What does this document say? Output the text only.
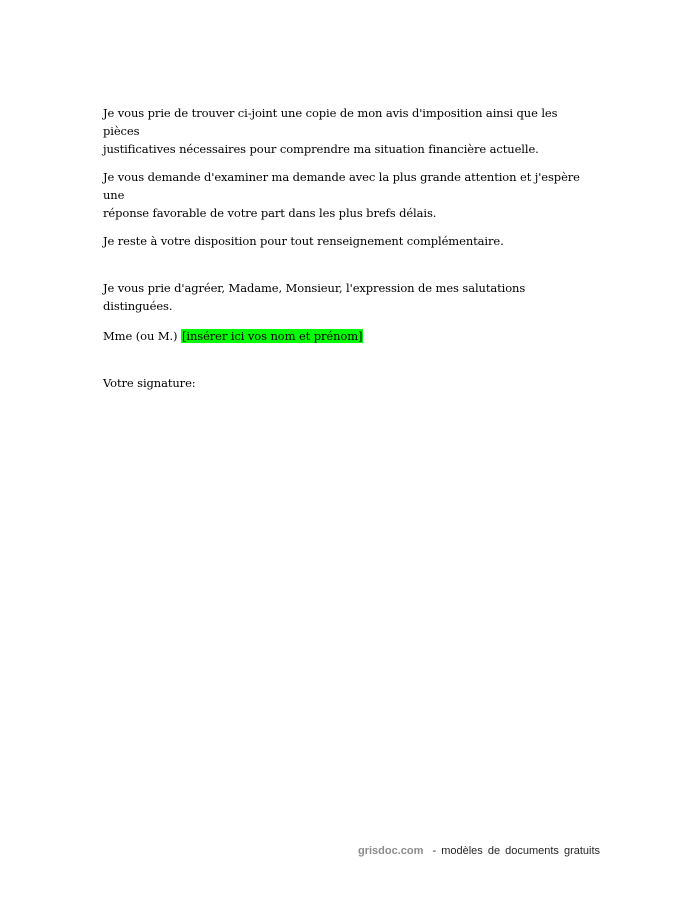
Je vous prie de trouver ci-joint une copie de mon avis d'imposition ainsi que les pièces
justificatives nécessaires pour comprendre ma situation financière actuelle.
Je vous demande d'examiner ma demande avec la plus grande attention et j'espère une
réponse favorable de votre part dans les plus brefs délais.
Je reste à votre disposition pour tout renseignement complémentaire.
Je vous prie d'agréer, Madame, Monsieur, l'expression de mes salutations distinguées.
Mme (ou M.) [insérer ici vos nom et prénom]
Votre signature:
grisdoc.com - modèles de documents gratuits
